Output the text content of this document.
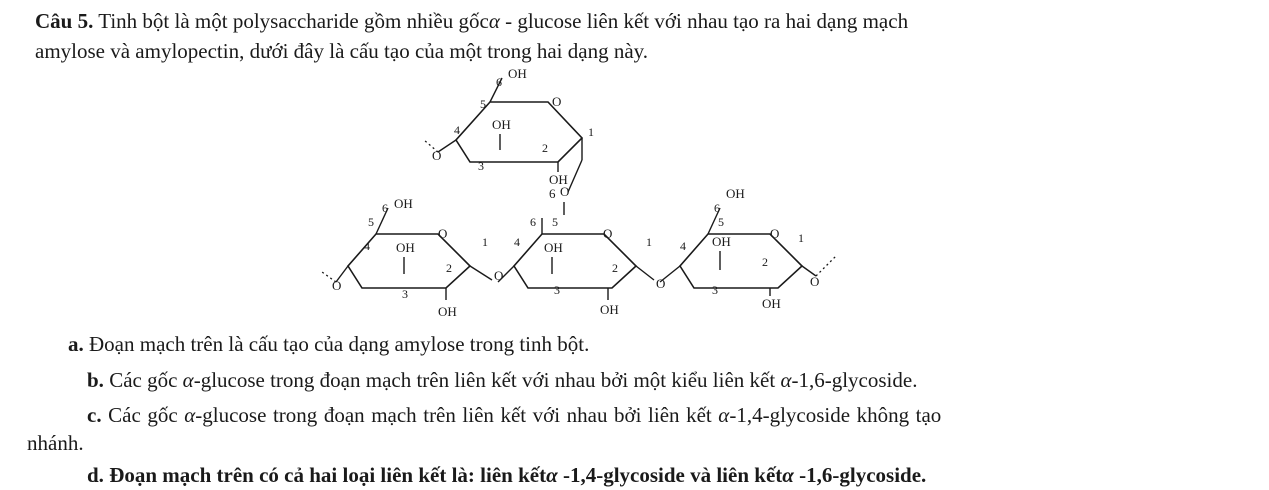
Câu 5. Tinh bột là một polysaccharide gồm nhiều gốcα - glucose liên kết với nhau tạo ra hai dạng mạch
amylose và amylopectin, dưới đây là cấu tạo của một trong hai dạng này.
6
OH
5	O
1
2
3
4 OH
O
OH
6 O
6 OH
5
O
1
2
3
4 OH
O
OH
O
6 5
O
1
2
3
4 OH
OH
O
6
OH
5
O 1
2
3
4 OH
OH
O
a. Đoạn mạch trên là cấu tạo của dạng amylose trong tinh bột.
b. Các gốc α-glucose trong đoạn mạch trên liên kết với nhau bởi một kiểu liên kết α-1,6-glycoside.
c. Các gốc α-glucose trong đoạn mạch trên liên kết với nhau bởi liên kết α-1,4-glycoside không tạo
nhánh.
d. Đoạn mạch trên có cả hai loại liên kết là: liên kếtα -1,4-glycoside và liên kếtα -1,6-glycoside.
